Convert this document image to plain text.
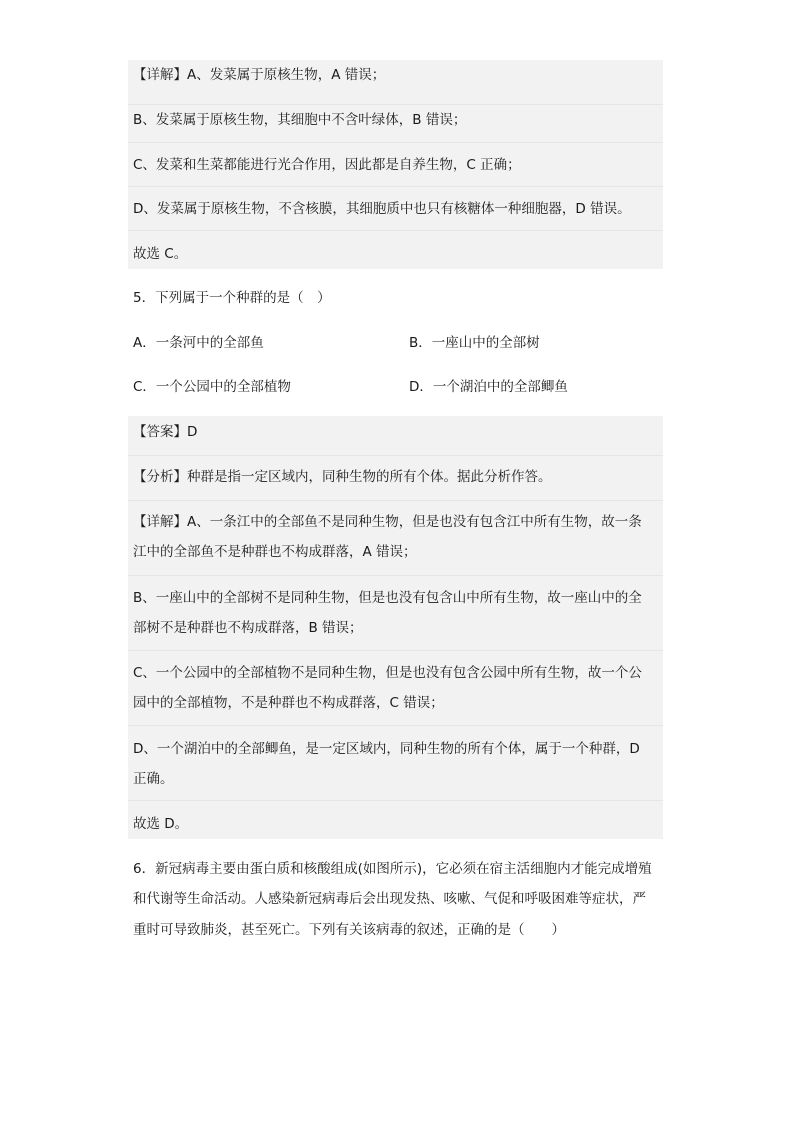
【详解】A、发菜属于原核生物，A 错误；
B、发菜属于原核生物，其细胞中不含叶绿体，B 错误；
C、发菜和生菜都能进行光合作用，因此都是自养生物，C 正确；
D、发菜属于原核生物，不含核膜，其细胞质中也只有核糖体一种细胞器，D 错误。
故选 C。
5．下列属于一个种群的是（　）
A．一条河中的全部鱼	B．一座山中的全部树
C．一个公园中的全部植物	D．一个湖泊中的全部鲫鱼
【答案】D
【分析】种群是指一定区域内，同种生物的所有个体。据此分析作答。
【详解】A、一条江中的全部鱼不是同种生物，但是也没有包含江中所有生物，故一条
江中的全部鱼不是种群也不构成群落，A 错误；
B、一座山中的全部树不是同种生物，但是也没有包含山中所有生物，故一座山中的全
部树不是种群也不构成群落，B 错误；
C、一个公园中的全部植物不是同种生物，但是也没有包含公园中所有生物，故一个公
园中的全部植物，不是种群也不构成群落，C 错误；
D、一个湖泊中的全部鲫鱼，是一定区域内，同种生物的所有个体，属于一个种群，D
正确。
故选 D。
6．新冠病毒主要由蛋白质和核酸组成(如图所示)，它必须在宿主活细胞内才能完成增殖
和代谢等生命活动。人感染新冠病毒后会出现发热、咳嗽、气促和呼吸困难等症状，严
重时可导致肺炎，甚至死亡。下列有关该病毒的叙述，正确的是（　　）
